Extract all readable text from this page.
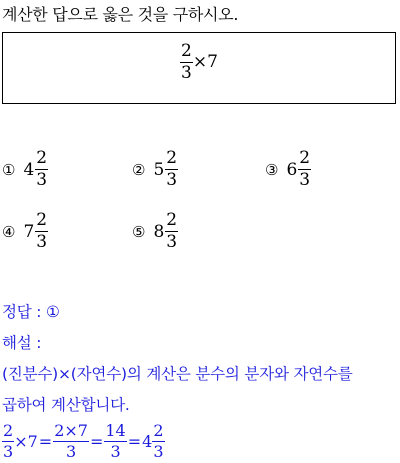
계산한 답으로 옳은 것을 구하시오.
$\frac{2}{3} \times 7$
① $4 \frac{2}{3}$	② $5 \frac{2}{3}$	③ $6 \frac{2}{3}$
④ $7 \frac{2}{3}$	⑤ $8 \frac{2}{3}$
정답 : ①
해설 :
(진분수)×(자연수)의 계산은 분수의 분자와 자연수를
곱하여 계산합니다.
$\frac{2}{3} \times 7 = \frac{2\times 7}{3} = \frac{14}{3} = 4 \frac{2}{3}$
